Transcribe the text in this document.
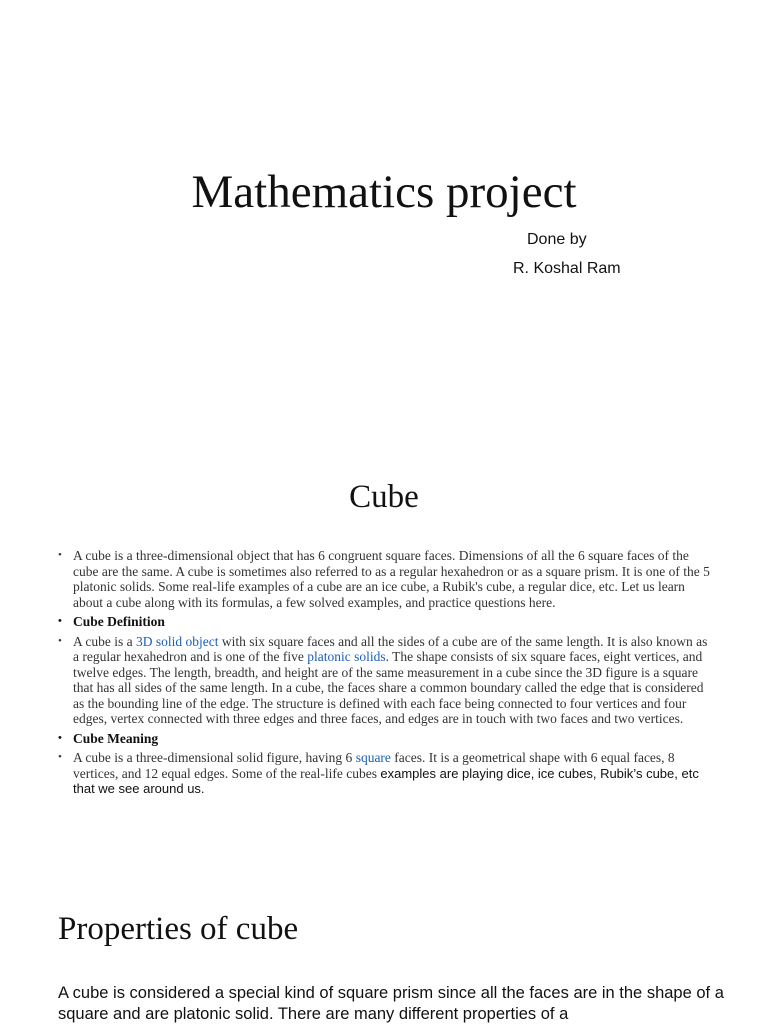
Mathematics project
Done by
R. Koshal Ram
Cube
• A cube is a three-dimensional object that has 6 congruent square faces. Dimensions of all the 6 square faces of the cube are the same. A cube is sometimes also referred to as a regular hexahedron or as a square prism. It is one of the 5 platonic solids. Some real-life examples of a cube are an ice cube, a Rubik's cube, a regular dice, etc. Let us learn about a cube along with its formulas, a few solved examples, and practice questions here.
• Cube Definition
• A cube is a 3D solid object with six square faces and all the sides of a cube are of the same length. It is also known as a regular hexahedron and is one of the five platonic solids. The shape consists of six square faces, eight vertices, and twelve edges. The length, breadth, and height are of the same measurement in a cube since the 3D figure is a square that has all sides of the same length. In a cube, the faces share a common boundary called the edge that is considered as the bounding line of the edge. The structure is defined with each face being connected to four vertices and four edges, vertex connected with three edges and three faces, and edges are in touch with two faces and two vertices.
• Cube Meaning
• A cube is a three-dimensional solid figure, having 6 square faces. It is a geometrical shape with 6 equal faces, 8 vertices, and 12 equal edges. Some of the real-life cubes examples are playing dice, ice cubes, Rubik’s cube, etc that we see around us.
Properties of cube
A cube is considered a special kind of square prism since all the faces are in the shape of a square and are platonic solid. There are many different properties of a
